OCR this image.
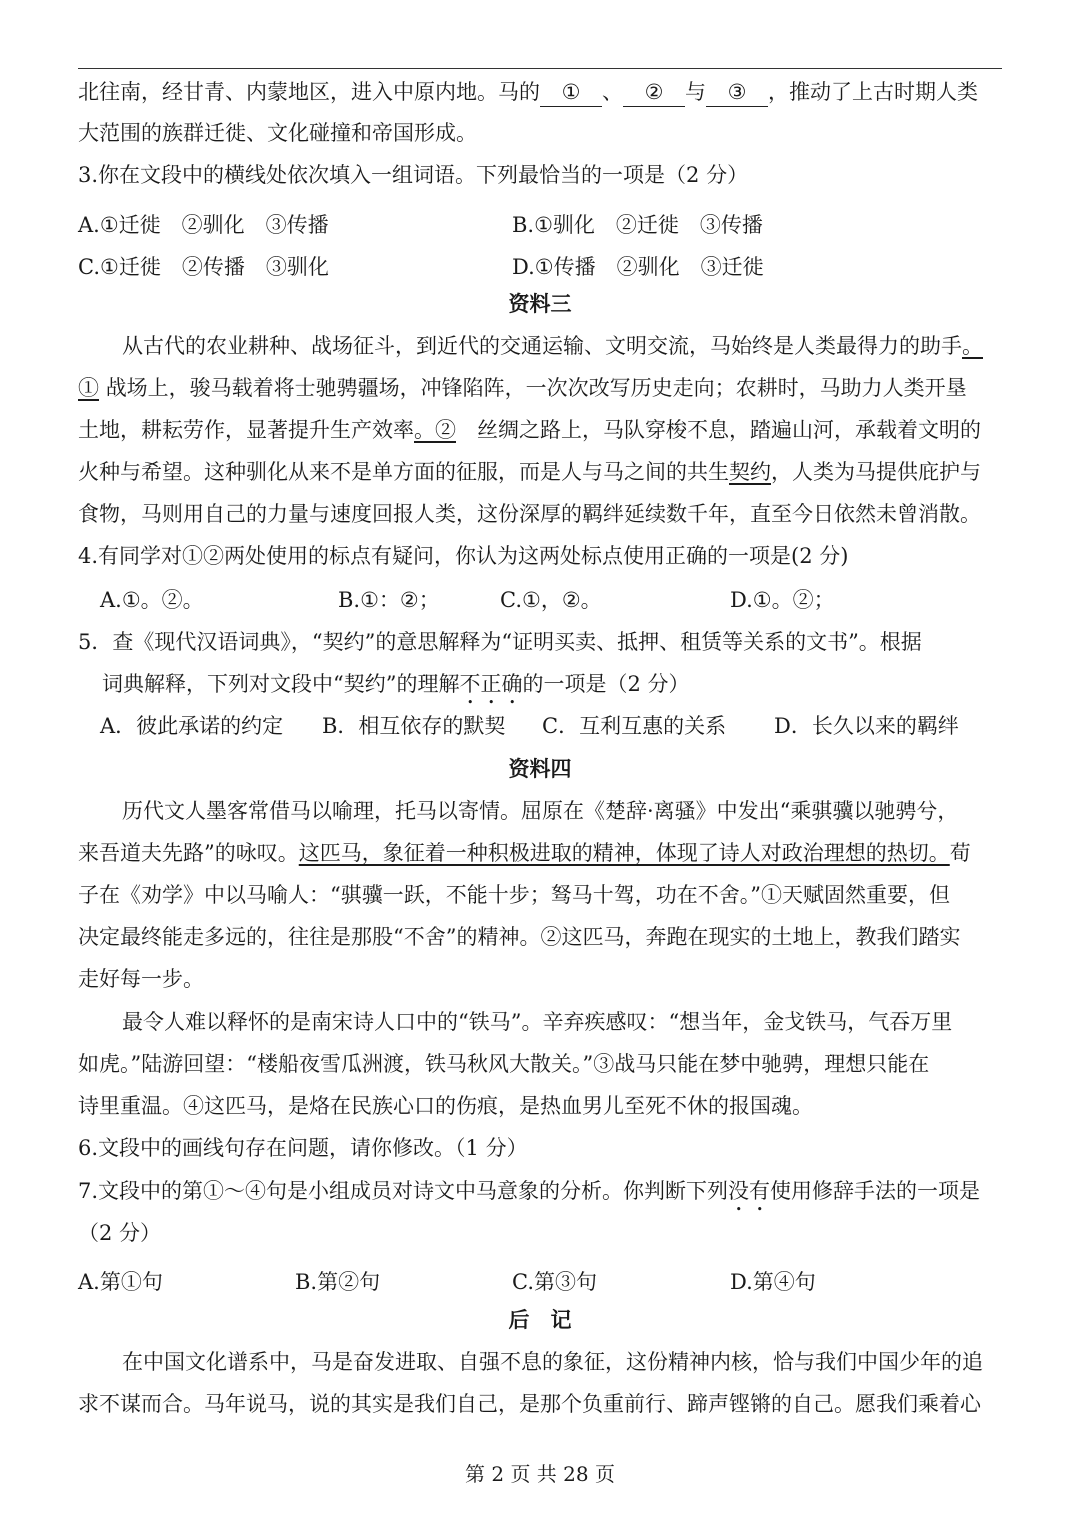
北往南，经甘青、内蒙地区，进入中原内地。马的 ① 、 ② 与 ③ ，推动了上古时期人类
大范围的族群迁徙、文化碰撞和帝国形成。
3.你在文段中的横线处依次填入一组词语。下列最恰当的一项是（2 分）
A.①迁徙　②驯化　③传播	B.①驯化　②迁徙　③传播
C.①迁徙　②传播　③驯化	D.①传播　②驯化　③迁徙
资料三
从古代的农业耕种、战场征斗，到近代的交通运输、文明交流，马始终是人类最得力的助手。
① 战场上，骏马载着将士驰骋疆场，冲锋陷阵，一次次改写历史走向；农耕时，马助力人类开垦
土地，耕耘劳作，显著提升生产效率。②　 丝绸之路上，马队穿梭不息，踏遍山河，承载着文明的
火种与希望。这种驯化从来不是单方面的征服，而是人与马之间的共生契约，人类为马提供庇护与
食物，马则用自己的力量与速度回报人类，这份深厚的羁绊延续数千年，直至今日依然未曾消散。
4.有同学对①②两处使用的标点有疑问，你认为这两处标点使用正确的一项是(2 分)
A.①。②。	B.①：②；	C.①，②。	D.①。②；
5．查《现代汉语词典》，“契约”的意思解释为“证明买卖、抵押、租赁等关系的文书”。根据
词典解释，下列对文段中“契约”的理解不正确的一项是（2 分）
A．彼此承诺的约定 B．相互依存的默契 C．互利互惠的关系 D．长久以来的羁绊
资料四
历代文人墨客常借马以喻理，托马以寄情。屈原在《楚辞·离骚》中发出“乘骐骥以驰骋兮，
来吾道夫先路”的咏叹。这匹马，象征着一种积极进取的精神，体现了诗人对政治理想的热切。荀
子在《劝学》中以马喻人：“骐骥一跃，不能十步；驽马十驾，功在不舍。”①天赋固然重要，但
决定最终能走多远的，往往是那股“不舍”的精神。②这匹马，奔跑在现实的土地上，教我们踏实
走好每一步。
最令人难以释怀的是南宋诗人口中的“铁马”。辛弃疾感叹：“想当年，金戈铁马，气吞万里
如虎。”陆游回望：“楼船夜雪瓜洲渡，铁马秋风大散关。”③战马只能在梦中驰骋，理想只能在
诗里重温。④这匹马，是烙在民族心口的伤痕，是热血男儿至死不休的报国魂。
6.文段中的画线句存在问题，请你修改。（1 分）
7.文段中的第①～④句是小组成员对诗文中马意象的分析。你判断下列没有使用修辞手法的一项是
（2 分）
A.第①句	B.第②句	C.第③句	D.第④句
后　记
在中国文化谱系中，马是奋发进取、自强不息的象征，这份精神内核，恰与我们中国少年的追
求不谋而合。马年说马，说的其实是我们自己，是那个负重前行、蹄声铿锵的自己。愿我们乘着心
第 2 页 共 28 页
